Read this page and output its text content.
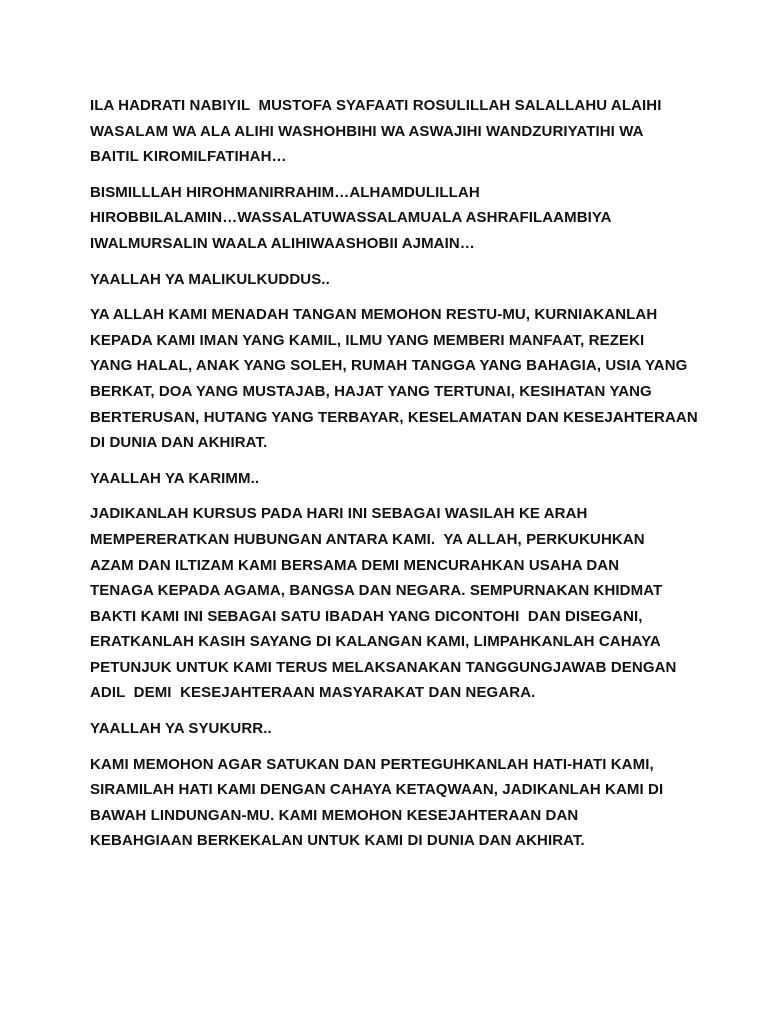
ILA HADRATI NABIYIL  MUSTOFA SYAFAATI ROSULILLAH SALALLAHU ALAIHI
WASALAM WA ALA ALIHI WASHOHBIHI WA ASWAJIHI WANDZURIYATIHI WA
BAITIL KIROMILFATIHAH…
BISMILLLAH HIROHMANIRRAHIM…ALHAMDULILLAH
HIROBBILALAMIN…WASSALATUWASSALAMUALA ASHRAFILAAMBIYA
IWALMURSALIN WAALA ALIHIWAASHOBII AJMAIN…
YAALLAH YA MALIKULKUDDUS..
YA ALLAH KAMI MENADAH TANGAN MEMOHON RESTU-MU, KURNIAKANLAH
KEPADA KAMI IMAN YANG KAMIL, ILMU YANG MEMBERI MANFAAT, REZEKI
YANG HALAL, ANAK YANG SOLEH, RUMAH TANGGA YANG BAHAGIA, USIA YANG
BERKAT, DOA YANG MUSTAJAB, HAJAT YANG TERTUNAI, KESIHATAN YANG
BERTERUSAN, HUTANG YANG TERBAYAR, KESELAMATAN DAN KESEJAHTERAAN
DI DUNIA DAN AKHIRAT.
YAALLAH YA KARIMM..
JADIKANLAH KURSUS PADA HARI INI SEBAGAI WASILAH KE ARAH
MEMPERERATKAN HUBUNGAN ANTARA KAMI.  YA ALLAH, PERKUKUHKAN
AZAM DAN ILTIZAM KAMI BERSAMA DEMI MENCURAHKAN USAHA DAN
TENAGA KEPADA AGAMA, BANGSA DAN NEGARA. SEMPURNAKAN KHIDMAT
BAKTI KAMI INI SEBAGAI SATU IBADAH YANG DICONTOHI  DAN DISEGANI,
ERATKANLAH KASIH SAYANG DI KALANGAN KAMI, LIMPAHKANLAH CAHAYA
PETUNJUK UNTUK KAMI TERUS MELAKSANAKAN TANGGUNGJAWAB DENGAN
ADIL  DEMI  KESEJAHTERAAN MASYARAKAT DAN NEGARA.
YAALLAH YA SYUKURR..
KAMI MEMOHON AGAR SATUKAN DAN PERTEGUHKANLAH HATI-HATI KAMI,
SIRAMILAH HATI KAMI DENGAN CAHAYA KETAQWAAN, JADIKANLAH KAMI DI
BAWAH LINDUNGAN-MU. KAMI MEMOHON KESEJAHTERAAN DAN
KEBAHGIAAN BERKEKALAN UNTUK KAMI DI DUNIA DAN AKHIRAT.
